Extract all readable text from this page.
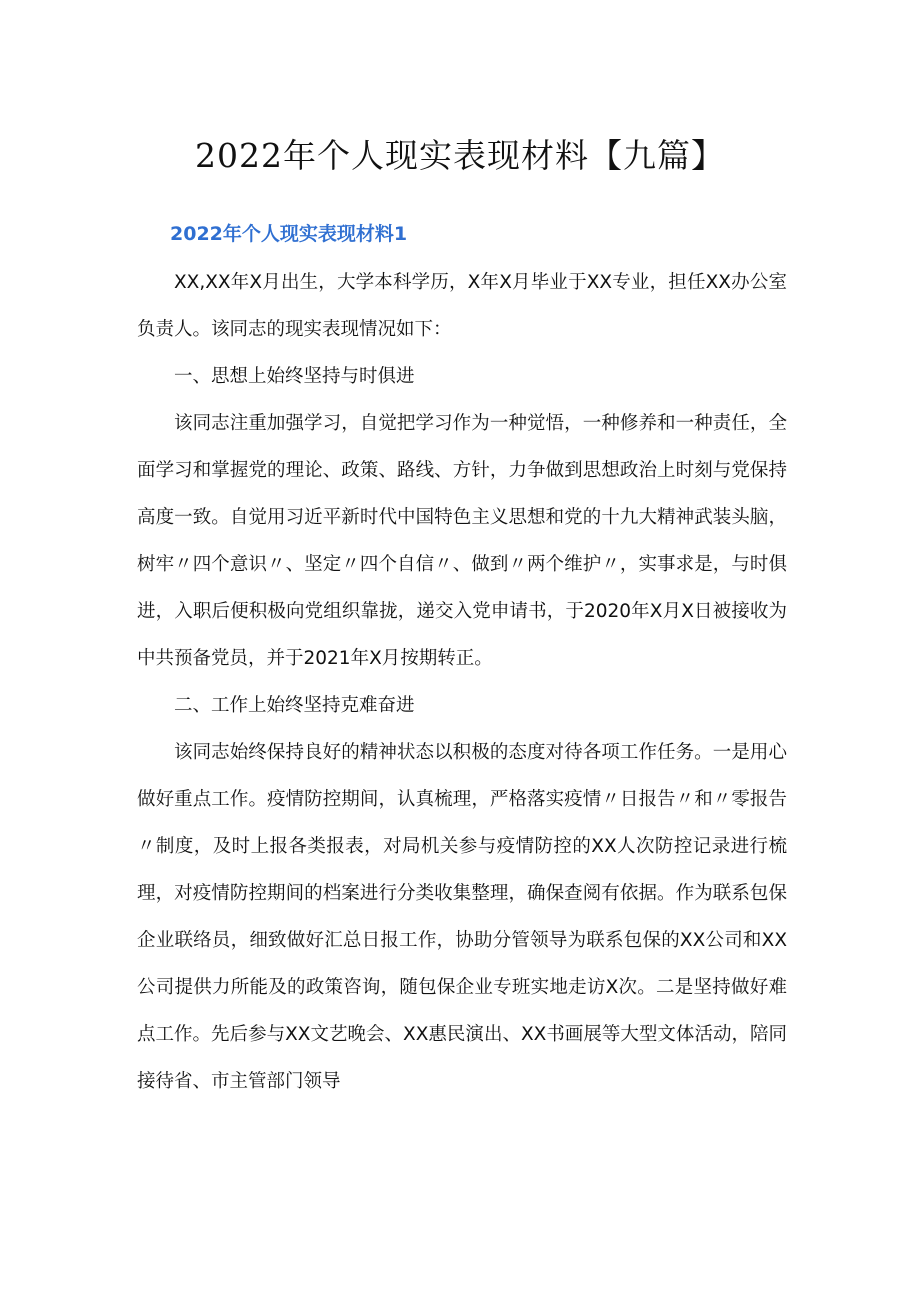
2022年个人现实表现材料【九篇】
2022年个人现实表现材料1

XX,XX年X月出生，大学本科学历，X年X月毕业于XX专业，担任XX办公室负责人。该同志的现实表现情况如下：

一、思想上始终坚持与时俱进

该同志注重加强学习，自觉把学习作为一种觉悟，一种修养和一种责任，全面学习和掌握党的理论、政策、路线、方针，力争做到思想政治上时刻与党保持高度一致。自觉用习近平新时代中国特色主义思想和党的十九大精神武装头脑，树牢〃四个意识〃、坚定〃四个自信〃、做到〃两个维护〃，实事求是，与时俱进，入职后便积极向党组织靠拢，递交入党申请书，于2020年X月X日被接收为中共预备党员，并于2021年X月按期转正。

二、工作上始终坚持克难奋进

该同志始终保持良好的精神状态以积极的态度对待各项工作任务。一是用心做好重点工作。疫情防控期间，认真梳理，严格落实疫情〃日报告〃和〃零报告〃制度，及时上报各类报表，对局机关参与疫情防控的XX人次防控记录进行梳理，对疫情防控期间的档案进行分类收集整理，确保查阅有依据。作为联系包保企业联络员，细致做好汇总日报工作，协助分管领导为联系包保的XX公司和XX公司提供力所能及的政策咨询，随包保企业专班实地走访X次。二是坚持做好难点工作。先后参与XX文艺晚会、XX惠民演出、XX书画展等大型文体活动，陪同接待省、市主管部门领导
